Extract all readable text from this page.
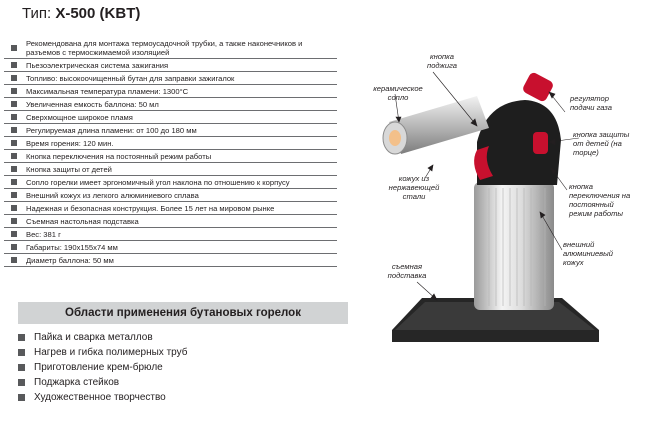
Тип: X-500 (KBT)
Рекомендована для монтажа термоусадочной трубки, а также наконечников и разъемов с термосжимаемой изоляцией
Пьезоэлектрическая система зажигания
Топливо: высокоочищенный бутан для заправки зажигалок
Максимальная температура пламени: 1300°С
Увеличенная емкость баллона: 50 мл
Сверхмощное широкое пламя
Регулируемая длина пламени: от 100 до 180 мм
Время горения: 120 мин.
Кнопка переключения на постоянный режим работы
Кнопка защиты от детей
Сопло горелки имеет эргономичный угол наклона по отношению к корпусу
Внешний кожух из легкого алюминиевого сплава
Надежная и безопасная конструкция. Более 15 лет на мировом рынке
Съемная настольная подставка
Вес: 381 г
Габариты: 190х155х74 мм
Диаметр баллона: 50 мм
Области применения бутановых горелок
Пайка и сварка металлов
Нагрев и гибка полимерных труб
Приготовление крем-брюле
Поджарка стейков
Художественное творчество
керамическое сопло
кнопка поджига
регулятор подачи газа
кнопка защиты от детей (на торце)
кожух из нержавеющей стали
кнопка переключения на постоянный режим работы
внешний алюминиевый кожух
съемная подставка
